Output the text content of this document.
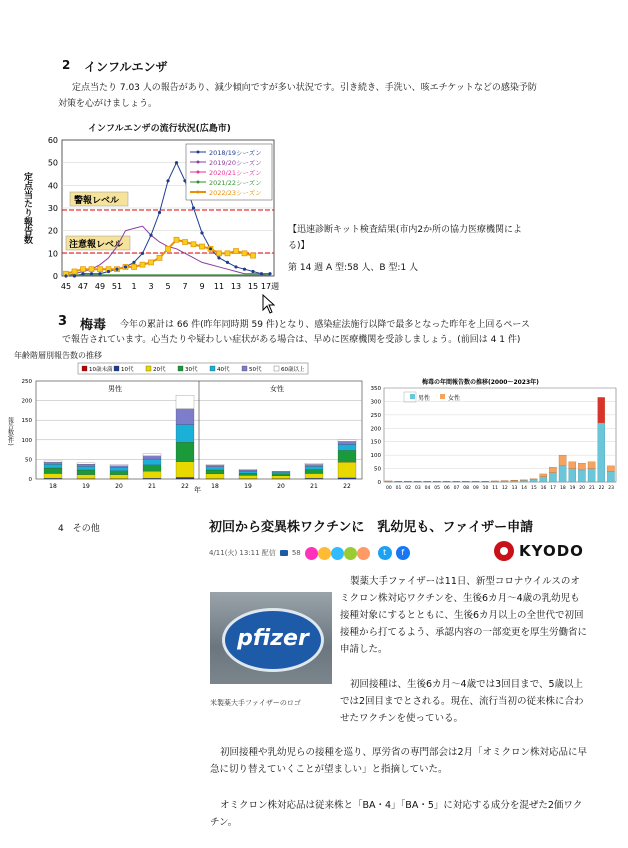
2 インフルエンザ
定点当たり 7.03 人の報告があり、減少傾向ですが多い状況です。引き続き、手洗い、咳エチケットなどの感染予防
対策を心がけましょう。
インフルエンザの流行状況(広島市)
定点当たり報告数
0
10
20
30
40
50
60
45 47 49 51 1 3 5 7 9 11 13 15 17週
警報レベル
注意報レベル
2018/19シーズン
2019/20シーズン
2020/21シーズン
2021/22シーズン
2022/23シーズン
【迅速診断キット検査結果(市内2か所の協力医療機関によ
る)】
第 14 週 A 型:58 人、B 型:1 人
3 梅毒 今年の累計は 66 件(昨年同時期 59 件)となり、感染症法施行以降で最多となった昨年を上回るペース
で報告されています。心当たりや疑わしい症状がある場合は、早めに医療機関を受診しましょう。(前回は 4 1 件)
年齢階層別報告数の推移
10歳未満 10代	20代	30代	40代	50代	60歳以上
男性	女性
報告数(件)
年
0
50
100
150
200
250
18	19	20	21	22	18	19	20	21	22
梅毒の年間報告数の推移(2000～2023年)
男性	女性
0
50
100
150
200
250
300
350
00 01 02 03 04 05 06 07 08 09 10 11 12 13 14 15 16 17 18 19 20 21 22 23
4　その他	初回から変異株ワクチンに　乳幼児も、ファイザー申請
4/11(火) 13:11 配信 58	t	f	KYODO
pfizer
米製薬大手ファイザーのロゴ
製薬大手ファイザーは11日、新型コロナウイルスのオ
ミクロン株対応ワクチンを、生後6カ月～4歳の乳幼児も
接種対象にするとともに、生後6カ月以上の全世代で初回
接種から打てるよう、承認内容の一部変更を厚生労働省に
申請した。
初回接種は、生後6カ月～4歳では3回目まで、5歳以上
では2回目までとされる。現在、流行当初の従来株に合わ
せたワクチンを使っている。
初回接種や乳幼児らの接種を巡り、厚労省の専門部会は2月「オミクロン株対応品に早
急に切り替えていくことが望ましい」と指摘していた。
オミクロン株対応品は従来株と「BA・4」「BA・5」に対応する成分を混ぜた2価ワク
チン。
